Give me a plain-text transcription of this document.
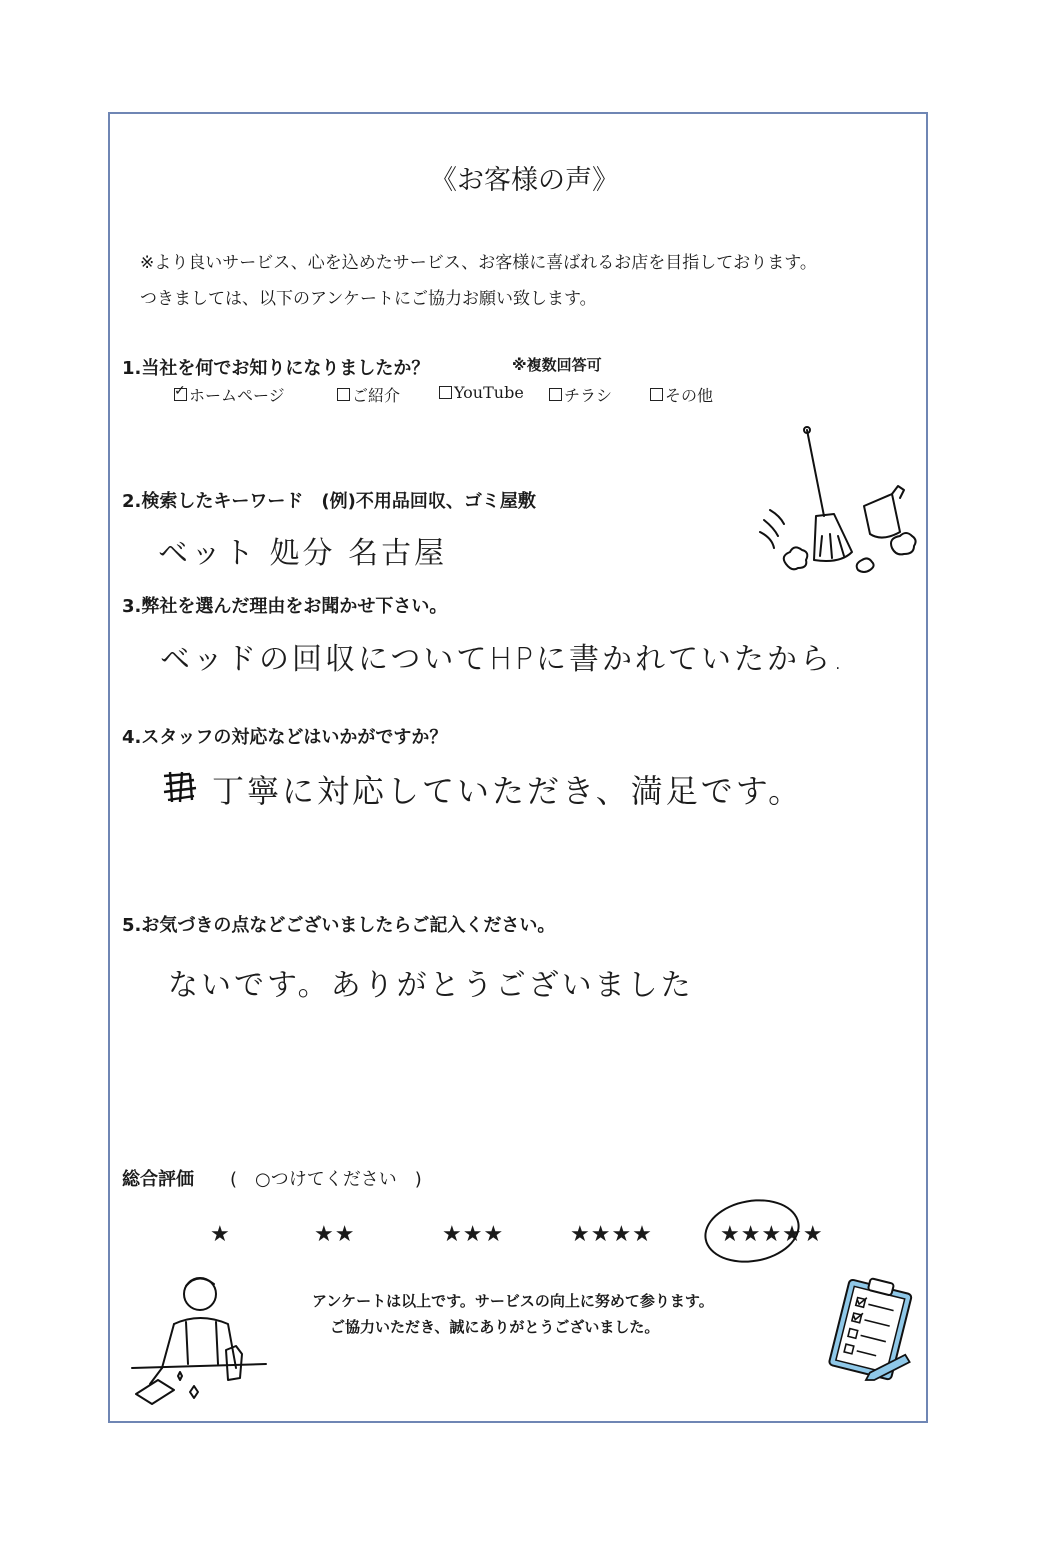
《お客様の声》
※より良いサービス、心を込めたサービス、お客様に喜ばれるお店を目指しております。
つきましては、以下のアンケートにご協力お願い致します。
1.当社を何でお知りになりましたか？	※複数回答可
✓
ホームページ	ご紹介	YouTube	チラシ	その他
2.検索したキーワード　(例)不用品回収、ゴミ屋敷
ベット 処分 名古屋
3.弊社を選んだ理由をお聞かせ下さい。
ベッドの回収についてHPに書かれていたから.
4.スタッフの対応などはいかがですか？
丁寧に対応していただき、満足です。
5.お気づきの点などございましたらご記入ください。
ないです。ありがとうございました
総合評価 (　○つけてください　)
★	★★	★★★	★★★★	★★★★★
アンケートは以上です。サービスの向上に努めて参ります。
ご協力いただき、誠にありがとうございました。
